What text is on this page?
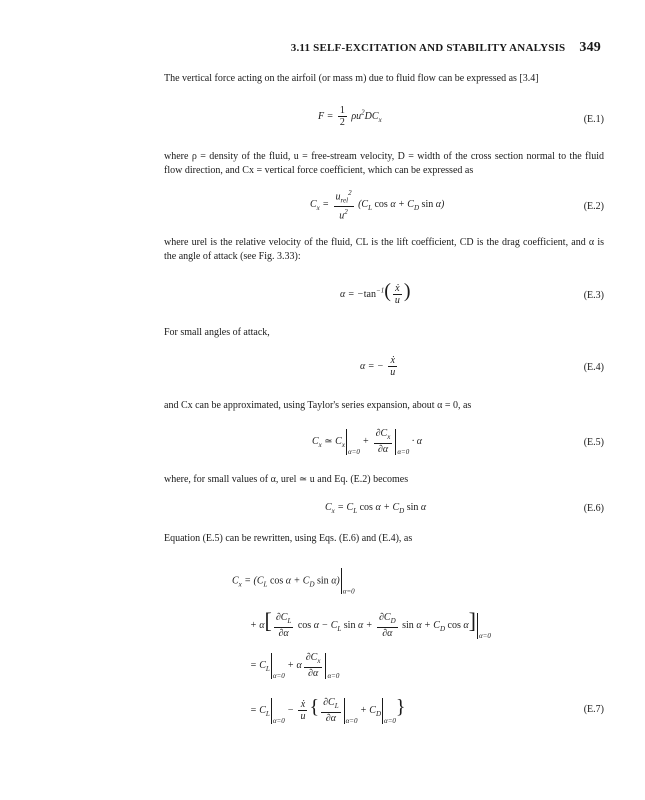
3.11 SELF-EXCITATION AND STABILITY ANALYSIS 349
The vertical force acting on the airfoil (or mass m) due to fluid flow can be expressed as [3.4]
$F = \frac{1}{2} \rho u^2DC_x$	(E.1)
where ρ = density of the fluid, u = free-stream velocity, D = width of the cross section normal to the fluid flow direction, and Cx = vertical force coefficient, which can be expressed as
$C_x = \frac{u_{rel}^2}{u^2} (C_L$ $\cos \alpha + C_D$ sin α)	(E.2)
where urel is the relative velocity of the fluid, CL is the lift coefficient, CD is the drag coefficient, and α is the angle of attack (see Fig. 3.33):
$\alpha = -\tan^{-1}( \frac{\text{ẋ}}{u}$ )	(E.3)
For small angles of attack,
α = − $\frac{\text{ẋ}}{u}$	(E.4)
and Cx can be approximated, using Taylor's series expansion, about α = 0, as
$C_x$ ≃ $C_{x\alpha=0} + \frac{\partial C_x}{\partial\alpha} _{\alpha=0} \cdot \alpha$	(E.5)
where, for small values of α, urel ≃ u and Eq. (E.2) becomes
$C_x = C_L$ $\cos \alpha + C_D$ sin α	(E.6)
Equation (E.5) can be rewritten, using Eqs. (E.6) and (E.4), as
$C_x = (C_L$ $\cos \alpha + C_D$ $\sin \alpha)_{\alpha=0}$
+ $\alpha[ \frac{\partial C_L}{\partial\alpha}$ $\cos \alpha - C_L$ $\sin \alpha + \frac{\partial C_D}{\partial\alpha}$ $\sin \alpha + C_D$ $\cos \alpha]_{\alpha=0}$
= $C_{L\alpha=0} + \alpha \frac{\partial C_x}{\partial\alpha} _{\alpha=0}$
= $C_{L\alpha=0} - \frac{\text{ẋ}}{u}$ { $\frac{\partial C_L}{\partial\alpha} _{\alpha=0} + C_{D\alpha=0}$}	(E.7)
